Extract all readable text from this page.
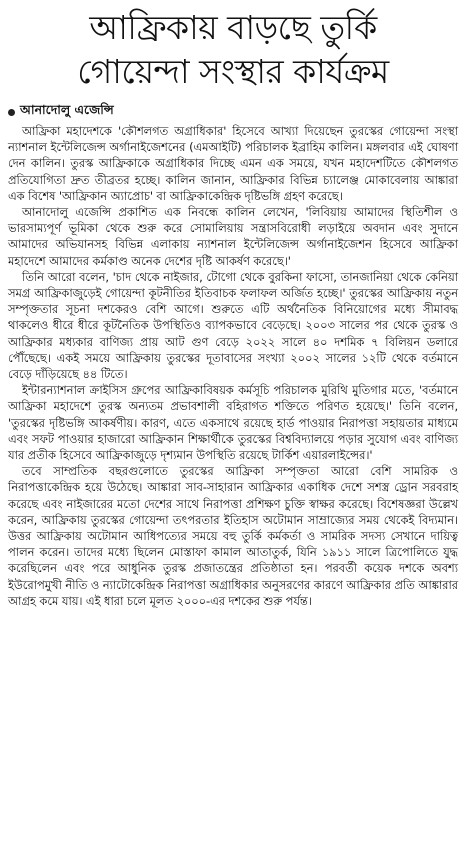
আফ্রিকায় বাড়ছে তুর্কি
গোয়েন্দা সংস্থার কার্যক্রম
আনাদোলু এজেন্সি

আফ্রিকা মহাদেশকে 'কৌশলগত অগ্রাধিকার' হিসেবে আখ্যা দিয়েছেন তুরস্কের গোয়েন্দা সংস্থা ন্যাশনাল ইন্টেলিজেন্স অর্গানাইজেশনের (এমআইটি) পরিচালক ইব্রাহিম কালিন। মঙ্গলবার এই ঘোষণা দেন কালিন। তুরস্ক আফ্রিকাকে অগ্রাধিকার দিচ্ছে এমন এক সময়ে, যখন মহাদেশটিতে কৌশলগত প্রতিযোগিতা দ্রুত তীব্রতর হচ্ছে। কালিন জানান, আফ্রিকার বিভিন্ন চ্যালেঞ্জ মোকাবেলায় আঙ্কারা এক বিশেষ 'আফ্রিকান অ্যাপ্রোচ' বা আফ্রিকাকেন্দ্রিক দৃষ্টিভঙ্গি গ্রহণ করেছে।

আনাদোলু এজেন্সি প্রকাশিত এক নিবন্ধে কালিন লেখেন, 'লিবিয়ায় আমাদের স্থিতিশীল ও ভারসাম্যপূর্ণ ভূমিকা থেকে শুরু করে সোমালিয়ায় সন্ত্রাসবিরোধী লড়াইয়ে অবদান এবং সুদানে আমাদের অভিযানসহ বিভিন্ন এলাকায় ন্যাশনাল ইন্টেলিজেন্স অর্গানাইজেশন হিসেবে আফ্রিকা মহাদেশে আমাদের কর্মকাণ্ড অনেক দেশের দৃষ্টি আকর্ষণ করেছে।'

তিনি আরো বলেন, 'চাদ থেকে নাইজার, টোগো থেকে বুরকিনা ফাসো, তানজানিয়া থেকে কেনিয়া সমগ্র আফ্রিকাজুড়েই গোয়েন্দা কূটনীতির ইতিবাচক ফলাফল অর্জিত হচ্ছে।' তুরস্কের আফ্রিকায় নতুন সম্পৃক্ততার সূচনা দশকেরও বেশি আগে। শুরুতে এটি অর্থনৈতিক বিনিয়োগের মধ্যে সীমাবদ্ধ থাকলেও ধীরে ধীরে কূটনৈতিক উপস্থিতিও ব্যাপকভাবে বেড়েছে। ২০০৩ সালের পর থেকে তুরস্ক ও আফ্রিকার মধ্যকার বাণিজ্য প্রায় আট গুণ বেড়ে ২০২২ সালে ৪০ দশমিক ৭ বিলিয়ন ডলারে পৌঁছেছে। একই সময়ে আফ্রিকায় তুরস্কের দূতাবাসের সংখ্যা ২০০২ সালের ১২টি থেকে বর্তমানে বেড়ে দাঁড়িয়েছে ৪৪ টিতে।

ইন্টারন্যাশনাল ক্রাইসিস গ্রুপের আফ্রিকাবিষয়ক কর্মসূচি পরিচালক মুরিথি মুতিগার মতে, 'বর্তমানে আফ্রিকা মহাদেশে তুরস্ক অন্যতম প্রভাবশালী বহিরাগত শক্তিতে পরিণত হয়েছে।' তিনি বলেন, 'তুরস্কের দৃষ্টিভঙ্গি আকর্ষণীয়। কারণ, এতে একসাথে রয়েছে হার্ড পাওয়ার নিরাপত্তা সহায়তার মাধ্যমে এবং সফট পাওয়ার হাজারো আফ্রিকান শিক্ষার্থীকে তুরস্কের বিশ্ববিদ্যালয়ে পড়ার সুযোগ এবং বাণিজ্য যার প্রতীক হিসেবে আফ্রিকাজুড়ে দৃশ্যমান উপস্থিতি রয়েছে টার্কিশ এয়ারলাইন্সের।'

তবে সাম্প্রতিক বছরগুলোতে তুরস্কের আফ্রিকা সম্পৃক্ততা আরো বেশি সামরিক ও নিরাপত্তাকেন্দ্রিক হয়ে উঠেছে। আঙ্কারা সাব-সাহারান আফ্রিকার একাধিক দেশে সশস্ত্র ড্রোন সরবরাহ করেছে এবং নাইজারের মতো দেশের সাথে নিরাপত্তা প্রশিক্ষণ চুক্তি স্বাক্ষর করেছে। বিশেষজ্ঞরা উল্লেখ করেন, আফ্রিকায় তুরস্কের গোয়েন্দা তৎপরতার ইতিহাস অটোমান সাম্রাজ্যের সময় থেকেই বিদ্যমান। উত্তর আফ্রিকায় অটোমান আধিপত্যের সময়ে বহু তুর্কি কর্মকর্তা ও সামরিক সদস্য সেখানে দায়িত্ব পালন করেন। তাদের মধ্যে ছিলেন মোস্তাফা কামাল আতাতুর্ক, যিনি ১৯১১ সালে ত্রিপোলিতে যুদ্ধ করেছিলেন এবং পরে আধুনিক তুরস্ক প্রজাতন্ত্রের প্রতিষ্ঠাতা হন। পরবর্তী কয়েক দশকে অবশ্য ইউরোপমুখী নীতি ও ন্যাটোকেন্দ্রিক নিরাপত্তা অগ্রাধিকার অনুসরণের কারণে আফ্রিকার প্রতি আঙ্কারার আগ্রহ কমে যায়। এই ধারা চলে মূলত ২০০০-এর দশকের শুরু পর্যন্ত।
